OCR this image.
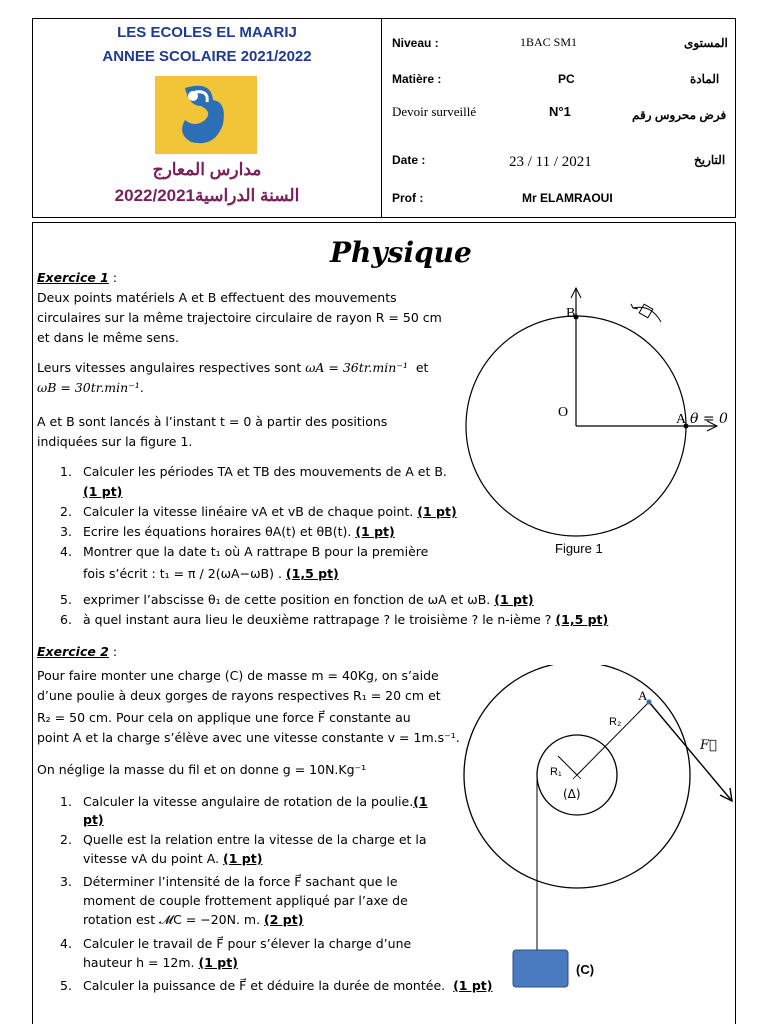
LES ECOLES EL MAARIJ
ANNEE SCOLAIRE 2021/2022
مدارس المعارج
السنة الدراسية2022/2021
Niveau :	1BAC SM1	المستوى
Matière :	PC	المادة
Devoir surveillé	N°1	فرض محروس رقم
Date :	23 / 11 / 2021	التاريخ
Prof :	Mr ELAMRAOUI
Physique
Exercice 1 :
Deux points matériels A et B effectuent des mouvements
circulaires sur la même trajectoire circulaire de rayon R = 50 cm
et dans le même sens.
Leurs vitesses angulaires respectives sont ωA = 36tr.min⁻¹ et
ωB = 30tr.min⁻¹.
A et B sont lancés à l’instant t = 0 à partir des positions
indiquées sur la figure 1.
1. Calculer les périodes TA et TB des mouvements de A et B.
(1 pt)
2. Calculer la vitesse linéaire vA et vB de chaque point. (1 pt)
3. Ecrire les équations horaires θA(t) et θB(t). (1 pt)
4. Montrer que la date t₁ où A rattrape B pour la première
fois s’écrit : t₁ = π / 2(ωA−ωB) . (1,5 pt)
5. exprimer l’abscisse θ₁ de cette position en fonction de ωA et ωB. (1 pt)
6. à quel instant aura lieu le deuxième rattrapage ? le troisième ? le n-ième ? (1,5 pt)
B
O	A θ = 0
Figure 1
Exercice 2 :
Pour faire monter une charge (C) de masse m = 40Kg, on s’aide
d’une poulie à deux gorges de rayons respectives R₁ = 20 cm et
R₂ = 50 cm. Pour cela on applique une force F⃗ constante au
point A et la charge s’élève avec une vitesse constante v = 1m.s⁻¹.
On néglige la masse du fil et on donne g = 10N.Kg⁻¹
1. Calculer la vitesse angulaire de rotation de la poulie.(1
pt)
2. Quelle est la relation entre la vitesse de la charge et la
vitesse vA du point A. (1 pt)
3. Déterminer l’intensité de la force F⃗ sachant que le
moment de couple frottement appliqué par l’axe de
rotation est 𝓜C = −20N. m. (2 pt)
4. Calculer le travail de F⃗ pour s’élever la charge d’une
hauteur h = 12m. (1 pt)
5. Calculer la puissance de F⃗ et déduire la durée de montée. (1 pt)
A
R₂
R₁
(Δ)
F⃗
(C)
